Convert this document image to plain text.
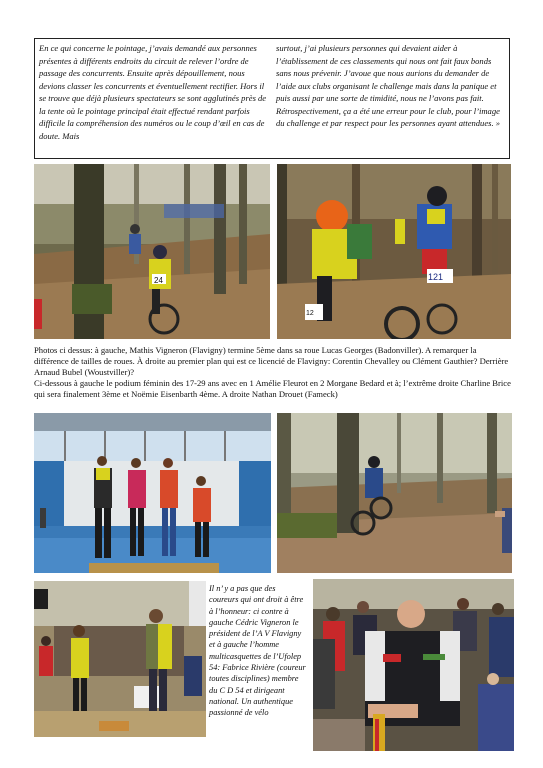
En ce qui concerne le pointage, j’avais demandé aux personnes présentes à différents endroits du circuit de relever l’ordre de passage des concurrents. Ensuite après dépouillement, nous devions classer les concurrents et éventuellement rectifier. Hors il se trouve que déjà plusieurs spectateurs se sont agglutinés près de la tente où le pointage principal était effectué rendant parfois difficile la compréhension des numéros ou le coup d’œil en cas de doute. Mais
surtout, j’ai plusieurs personnes qui devaient aider à l’établissement de ces classements qui nous ont fait faux bonds sans nous prévenir. J’avoue que nous aurions du demander de l’aide aux clubs organisant le challenge mais dans la panique et puis aussi par une sorte de timidité, nous ne l’avons pas fait. Rétrospectivement, ça a été une erreur pour le club, pour l’image du challenge et par respect pour les personnes ayant attendues. »
24	121
12

Photos ci dessus: à gauche, Mathis Vigneron (Flavigny) termine 5ème dans sa roue Lucas Georges (Badonviller). A remarquer la différence de tailles de roues. À droite au premier plan qui est ce licencié de Flavigny: Corentin Chevalley ou Clément Gauthier? Derrière Arnaud Bubel (Woustviller)?

Ci-dessous à gauche le podium féminin des 17-29 ans avec en 1 Amélie Fleurot en 2 Morgane Bedard et à; l’extrême droite Charline Brice qui sera finalement 3ème et Noëmie Eisenbarth 4ème. A droite Nathan Drouet (Fameck)

Il n’ y a pas que des coureurs qui ont droit à être à l’honneur: ci contre à gauche Cédric Vigneron le président de l’A V Flavigny et à gauche l’homme multicasquettes de l’Ufolep 54: Fabrice Rivière (coureur toutes disciplines) membre du C D 54 et dirigeant national. Un authentique passionné de vélo
